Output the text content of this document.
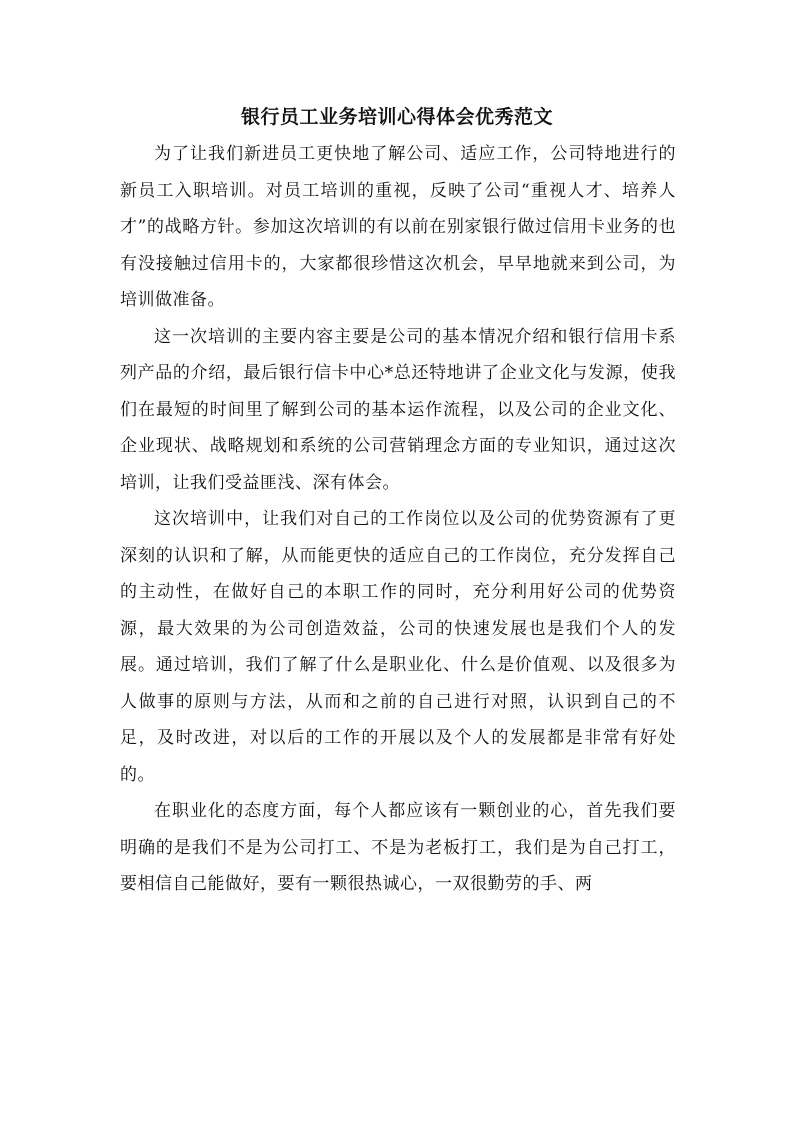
银行员工业务培训心得体会优秀范文

为了让我们新进员工更快地了解公司、适应工作，公司特地进行的新员工入职培训。对员工培训的重视，反映了公司“重视人才、培养人才”的战略方针。参加这次培训的有以前在别家银行做过信用卡业务的也有没接触过信用卡的，大家都很珍惜这次机会，早早地就来到公司，为培训做准备。

这一次培训的主要内容主要是公司的基本情况介绍和银行信用卡系列产品的介绍，最后银行信卡中心*总还特地讲了企业文化与发源，使我们在最短的时间里了解到公司的基本运作流程，以及公司的企业文化、企业现状、战略规划和系统的公司营销理念方面的专业知识，通过这次培训，让我们受益匪浅、深有体会。

这次培训中，让我们对自己的工作岗位以及公司的优势资源有了更深刻的认识和了解，从而能更快的适应自己的工作岗位，充分发挥自己的主动性，在做好自己的本职工作的同时，充分利用好公司的优势资源，最大效果的为公司创造效益，公司的快速发展也是我们个人的发展。通过培训，我们了解了什么是职业化、什么是价值观、以及很多为人做事的原则与方法，从而和之前的自己进行对照，认识到自己的不足，及时改进，对以后的工作的开展以及个人的发展都是非常有好处的。

在职业化的态度方面，每个人都应该有一颗创业的心，首先我们要明确的是我们不是为公司打工、不是为老板打工，我们是为自己打工，要相信自己能做好，要有一颗很热诚心，一双很勤劳的手、两
